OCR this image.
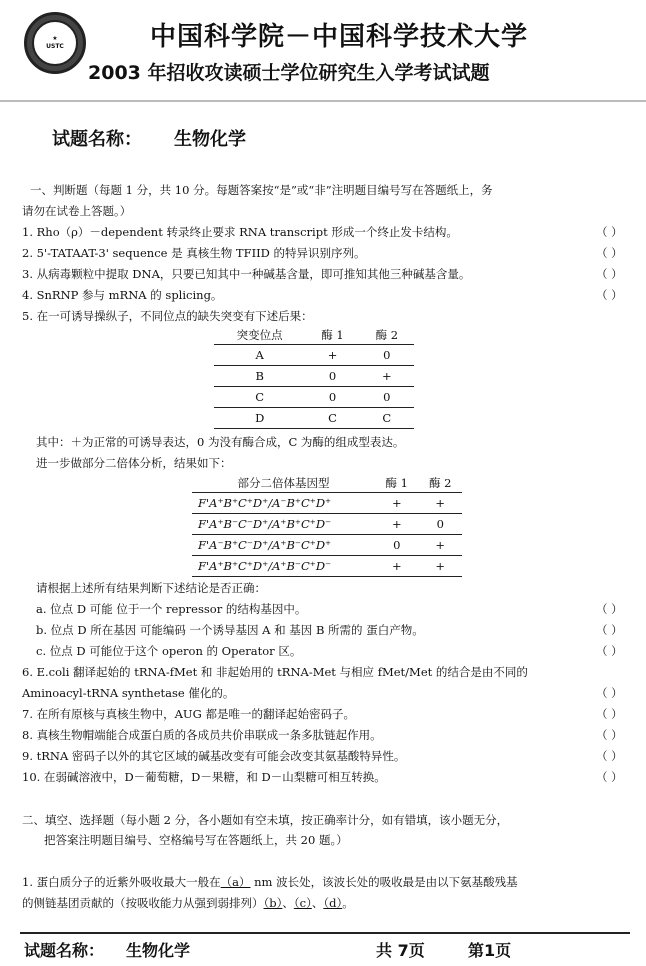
★
USTC	中国科学院－中国科学技术大学
2003 年招收攻读硕士学位研究生入学考试试题
试题名称： 生物化学
一、判断题（每题 1 分，共 10 分。每题答案按“是”或“非”注明题目编号写在答题纸上，务
请勿在试卷上答题。）
1. Rho（ρ）－dependent 转录终止要求 RNA transcript 形成一个终止发卡结构。	（ ）
2. 5'-TATAAT-3' sequence 是 真核生物 TFIID 的特异识别序列。	（ ）
3. 从病毒颗粒中提取 DNA，只要已知其中一种碱基含量，即可推知其他三种碱基含量。	（ ）
4. SnRNP 参与 mRNA 的 splicing。	（ ）
5. 在一可诱导操纵子，不同位点的缺失突变有下述后果：
突变位点	酶 1	酶 2
A	+	0
B	0	+
C	0	0
D	C	C
其中：＋为正常的可诱导表达，0 为没有酶合成，C 为酶的组成型表达。
进一步做部分二倍体分析，结果如下：
部分二倍体基因型	酶 1	酶 2
F'A⁺B⁺C⁺D⁺/A⁻B⁺C⁺D⁺	+	+
F'A⁺B⁻C⁻D⁺/A⁺B⁺C⁺D⁻	+	0
F'A⁻B⁺C⁻D⁺/A⁺B⁻C⁺D⁺	0	+
F'A⁺B⁺C⁺D⁺/A⁺B⁻C⁺D⁻	+	+
请根据上述所有结果判断下述结论是否正确：
a. 位点 D 可能 位于一个 repressor 的结构基因中。	（ ）
b. 位点 D 所在基因 可能编码 一个诱导基因 A 和 基因 B 所需的 蛋白产物。	（ ）
c. 位点 D 可能位于这个 operon 的 Operator 区。	（ ）
6. E.coli 翻译起始的 tRNA-fMet 和 非起始用的 tRNA-Met 与相应 fMet/Met 的结合是由不同的
Aminoacyl-tRNA synthetase 催化的。	（ ）
7. 在所有原核与真核生物中，AUG 都是唯一的翻译起始密码子。	（ ）
8. 真核生物帽端能合成蛋白质的各成员共价串联成一条多肽链起作用。	（ ）
9. tRNA 密码子以外的其它区域的碱基改变有可能会改变其氨基酸特异性。	（ ）
10. 在弱碱溶液中，D－葡萄糖，D－果糖，和 D－山梨糖可相互转换。	（ ）
二、填空、选择题（每小题 2 分，各小题如有空未填，按正确率计分，如有错填，该小题无分，
把答案注明题目编号、空格编号写在答题纸上，共 20 题。）
1. 蛋白质分子的近紫外吸收最大一般在（a） nm 波长处，该波长处的吸收最是由以下氨基酸残基
的侧链基团贡献的（按吸收能力从强到弱排列）（b）、（c）、（d）。
试题名称： 生物化学	共 7页	第1页
